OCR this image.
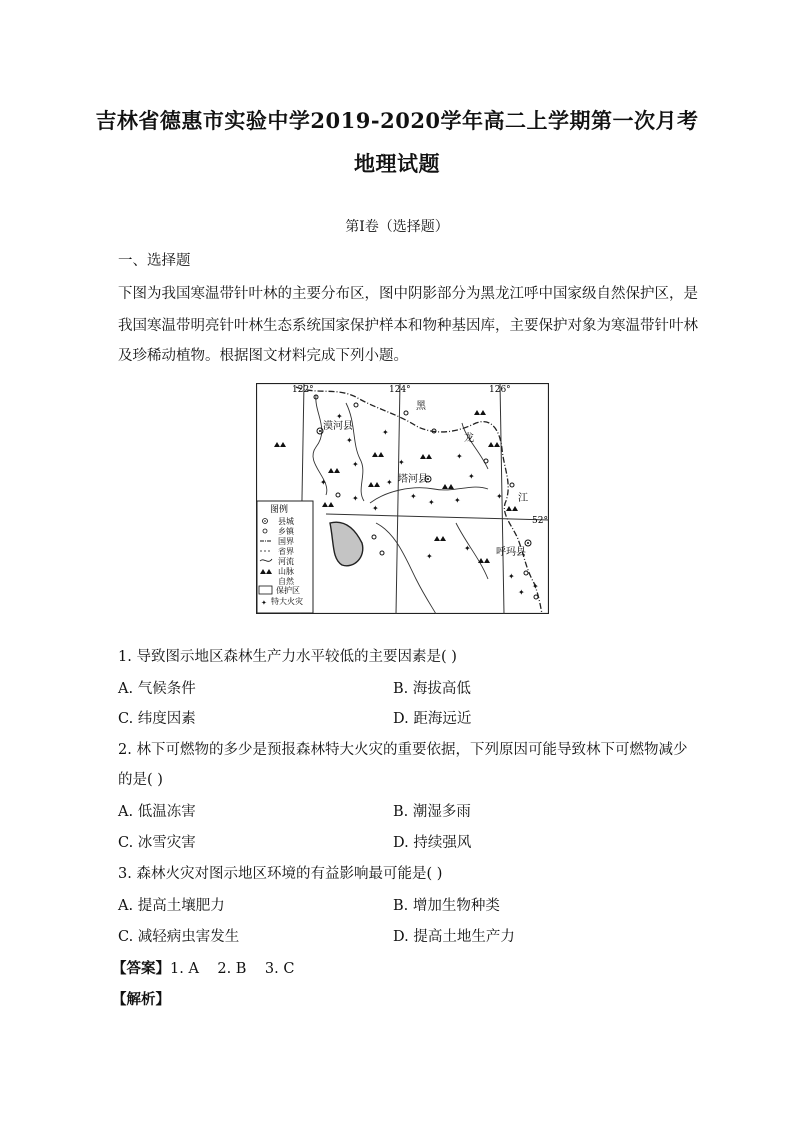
吉林省德惠市实验中学2019-2020学年高二上学期第一次月考
地理试题
第Ⅰ卷（选择题）
一、选择题
下图为我国寒温带针叶林的主要分布区，图中阴影部分为黑龙江呼中国家级自然保护区，是
我国寒温带明亮针叶林生态系统国家保护样本和物种基因库，主要保护对象为寒温带针叶林
及珍稀动植物。根据图文材料完成下列小题。
122°	124°	126°
52°
漠河县
塔河县
呼玛县
黑
龙
江
✦
✦
✦	✦
✦
✦
✦
✦ ✦	✦
✦
✦
✦
✦
✦
✦
✦
✦
✦
✦
图例
县城
乡镇
国界
省界
河流
山脉
自然
保护区
✦ 特大火灾
1. 导致图示地区森林生产力水平较低的主要因素是( )
A. 气候条件	B. 海拔高低
C. 纬度因素	D. 距海远近
2. 林下可燃物的多少是预报森林特大火灾的重要依据，下列原因可能导致林下可燃物减少
的是( )
A. 低温冻害	B. 潮湿多雨
C. 冰雪灾害	D. 持续强风
3. 森林火灾对图示地区环境的有益影响最可能是( )
A. 提高土壤肥力	B. 增加生物种类
C. 减轻病虫害发生	D. 提高土地生产力
【答案】1. A    2. B    3. C
【解析】
